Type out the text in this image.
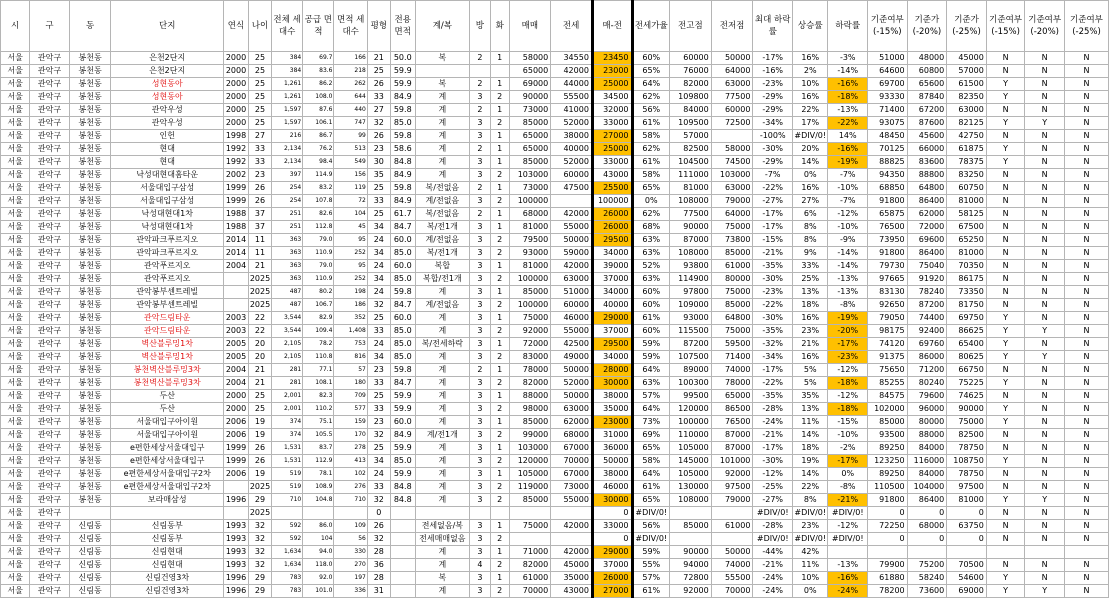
시	구	동	단지	연식	나이	전체 세대수	공급 면적	면적 세대수	평형	전용 면적	계/복	방	화	매매	전세	매-전	전세가율	전고점	전저점	최대 하락률	상승률	하락률	기준여부 (-15%)	기준가 (-20%)	기준가 (-25%)	기준여부 (-15%)	기준여부 (-20%)	기준여부 (-25%)
서울	관악구	봉천동	은천2단지	2000	25	384	69.7	166	21	50.0	복	2	1	58000	34550	23450	60%	60000	50000	-17%	16%	-3%	51000	48000	45000	N	N	N
서울	관악구	봉천동	은천2단지	2000	25	384	83.6	218	25	59.9				65000	42000	23000	65%	76000	64000	-16%	2%	-14%	64600	60800	57000	N	N	N
서울	관악구	봉천동	성현동아	2000	25	1,261	86.2	262	26	59.9	복	2	1	69000	44000	25000	64%	82000	63000	-23%	10%	-16%	69700	65600	61500	Y	N	N
서울	관악구	봉천동	성현동아	2000	25	1,261	108.0	644	33	84.9	계	3	2	90000	55500	34500	62%	109800	77500	-29%	16%	-18%	93330	87840	82350	Y	N	N
서울	관악구	봉천동	관악우성	2000	25	1,597	87.6	440	27	59.8	계	2	1	73000	41000	32000	56%	84000	60000	-29%	22%	-13%	71400	67200	63000	N	N	N
서울	관악구	봉천동	관악우성	2000	25	1,597	106.1	747	32	85.0	계	3	2	85000	52000	33000	61%	109500	72500	-34%	17%	-22%	93075	87600	82125	Y	Y	N
서울	관악구	봉천동	인헌	1998	27	216	86.7	99	26	59.8	계	3	1	65000	38000	27000	58%	57000		-100%	#DIV/0!	14%	48450	45600	42750	N	N	N
서울	관악구	봉천동	현대	1992	33	2,134	76.2	513	23	58.6	계	2	1	65000	40000	25000	62%	82500	58000	-30%	20%	-16%	70125	66000	61875	Y	N	N
서울	관악구	봉천동	현대	1992	33	2,134	98.4	549	30	84.8	계	3	1	85000	52000	33000	61%	104500	74500	-29%	14%	-19%	88825	83600	78375	Y	N	N
서울	관악구	봉천동	낙성대현대홈타운	2002	23	397	114.9	156	35	84.9	계	3	2	103000	60000	43000	58%	111000	103000	-7%	0%	-7%	94350	88800	83250	N	N	N
서울	관악구	봉천동	서울대입구삼성	1999	26	254	83.2	119	25	59.8	복/전없음	2	1	73000	47500	25500	65%	81000	63000	-22%	16%	-10%	68850	64800	60750	N	N	N
서울	관악구	봉천동	서울대입구삼성	1999	26	254	107.8	72	33	84.9	계/전없음	3	2	100000		100000	0%	108000	79000	-27%	27%	-7%	91800	86400	81000	N	N	N
서울	관악구	봉천동	낙성대현대1차	1988	37	251	82.6	104	25	61.7	복/전없음	2	1	68000	42000	26000	62%	77500	64000	-17%	6%	-12%	65875	62000	58125	N	N	N
서울	관악구	봉천동	낙성대현대1차	1988	37	251	112.8	45	34	84.7	복/전1개	3	1	81000	55000	26000	68%	90000	75000	-17%	8%	-10%	76500	72000	67500	N	N	N
서울	관악구	봉천동	관악파크푸르지오	2014	11	363	79.0	95	24	60.0	계/전없음	3	2	79500	50000	29500	63%	87000	73800	-15%	8%	-9%	73950	69600	65250	N	N	N
서울	관악구	봉천동	관악파크푸르지오	2014	11	363	110.9	252	34	85.0	복/전1개	3	2	93000	59000	34000	63%	108000	85000	-21%	9%	-14%	91800	86400	81000	N	N	N
서울	관악구	봉천동	관악푸르지오	2004	21	363	79.0	95	24	60.0	복합	3	1	81000	42000	39000	52%	93800	61000	-35%	33%	-14%	79730	75040	70350	N	N	N
서울	관악구	봉천동	관악푸르지오		2025	363	110.9	252	34	85.0	복합/전1개	3	2	100000	63000	37000	63%	114900	80000	-30%	25%	-13%	97665	91920	86175	N	N	N
서울	관악구	봉천동	관악봉부센트레빌		2025	487	80.2	198	24	59.8	계	3	1	85000	51000	34000	60%	97800	75000	-23%	13%	-13%	83130	78240	73350	N	N	N
서울	관악구	봉천동	관악봉부센트레빌		2025	487	106.7	186	32	84.7	계/전없음	3	2	100000	60000	40000	60%	109000	85000	-22%	18%	-8%	92650	87200	81750	N	N	N
서울	관악구	봉천동	관악드림타운	2003	22	3,544	82.9	352	25	60.0	계	3	1	75000	46000	29000	61%	93000	64800	-30%	16%	-19%	79050	74400	69750	Y	N	N
서울	관악구	봉천동	관악드림타운	2003	22	3,544	109.4	1,408	33	85.0	계	3	2	92000	55000	37000	60%	115500	75000	-35%	23%	-20%	98175	92400	86625	Y	Y	N
서울	관악구	봉천동	벽산블루밍1차	2005	20	2,105	78.2	753	24	85.0	복/전세하락	3	1	72000	42500	29500	59%	87200	59500	-32%	21%	-17%	74120	69760	65400	Y	N	N
서울	관악구	봉천동	벽산블루밍1차	2005	20	2,105	110.8	816	34	85.0	계	3	2	83000	49000	34000	59%	107500	71400	-34%	16%	-23%	91375	86000	80625	Y	Y	N
서울	관악구	봉천동	봉천벽산블루밍3차	2004	21	281	77.1	57	23	59.8	계	2	1	78000	50000	28000	64%	89000	74000	-17%	5%	-12%	75650	71200	66750	N	N	N
서울	관악구	봉천동	봉천벽산블루밍3차	2004	21	281	108.1	180	33	84.7	계	3	2	82000	52000	30000	63%	100300	78000	-22%	5%	-18%	85255	80240	75225	Y	N	N
서울	관악구	봉천동	두산	2000	25	2,001	82.3	709	25	59.9	계	3	1	88000	50000	38000	57%	99500	65000	-35%	35%	-12%	84575	79600	74625	N	N	N
서울	관악구	봉천동	두산	2000	25	2,001	110.2	577	33	59.9	계	3	2	98000	63000	35000	64%	120000	86500	-28%	13%	-18%	102000	96000	90000	Y	N	N
서울	관악구	봉천동	서울대입구아이원	2006	19	374	75.1	159	23	60.0	계	3	1	85000	62000	23000	73%	100000	76500	-24%	11%	-15%	85000	80000	75000	Y	N	N
서울	관악구	봉천동	서울대입구아이원	2006	19	374	105.5	170	32	84.9	계/전1개	3	2	99000	68000	31000	69%	110000	87000	-21%	14%	-10%	93500	88000	82500	N	N	N
서울	관악구	봉천동	e편한세상서울대입구	1999	26	1,531	83.7	278	25	59.9	계	3	1	103000	67000	36000	65%	105000	87000	-17%	18%	-2%	89250	84000	78750	N	N	N
서울	관악구	봉천동	e편한세상서울대입구	1999	26	1,531	112.9	413	34	85.0	계	3	2	120000	70000	50000	58%	145000	101000	-30%	19%	-17%	123250	116000	108750	Y	N	N
서울	관악구	봉천동	e편한세상서울대입구2차	2006	19	519	78.1	102	24	59.9	계	3	1	105000	67000	38000	64%	105000	92000	-12%	14%	0%	89250	84000	78750	N	N	N
서울	관악구	봉천동	e편한세상서울대입구2차		2025	519	108.9	276	33	84.8	계	3	2	119000	73000	46000	61%	130000	97500	-25%	22%	-8%	110500	104000	97500	N	N	N
서울	관악구	봉천동	보라매삼성	1996	29	710	104.8	710	32	84.8	계	3	2	85000	55000	30000	65%	108000	79000	-27%	8%	-21%	91800	86400	81000	Y	Y	N
서울	관악구				2025				0							0	#DIV/0!			#DIV/0!	#DIV/0!	#DIV/0!	0	0	0	N	N	N
서울	관악구	신림동	신림동부	1993	32	592	86.0	109	26		전세없음/복	3	1	75000	42000	33000	56%	85000	61000	-28%	23%	-12%	72250	68000	63750	N	N	N
서울	관악구	신림동	신림동부	1993	32	592	104	56	32		전세매매없음	3	2			0	#DIV/0!			#DIV/0!	#DIV/0!	#DIV/0!	0	0	0	N	N	N
서울	관악구	신림동	신림현대	1993	32	1,634	94.0	330	28		계	3	1	71000	42000	29000	59%	90000	50000	-44%	42%							
서울	관악구	신림동	신림현대	1993	32	1,634	118.0	270	36		계	4	2	82000	45000	37000	55%	94000	74000	-21%	11%	-13%	79900	75200	70500	N	N	N
서울	관악구	신림동	신림건영3차	1996	29	783	92.0	197	28		복	3	1	61000	35000	26000	57%	72800	55500	-24%	10%	-16%	61880	58240	54600	Y	N	N
서울	관악구	신림동	신림건영3차	1996	29	783	101.0	336	31		계	3	2	70000	43000	27000	61%	92000	70000	-24%	0%	-24%	78200	73600	69000	Y	Y	N
